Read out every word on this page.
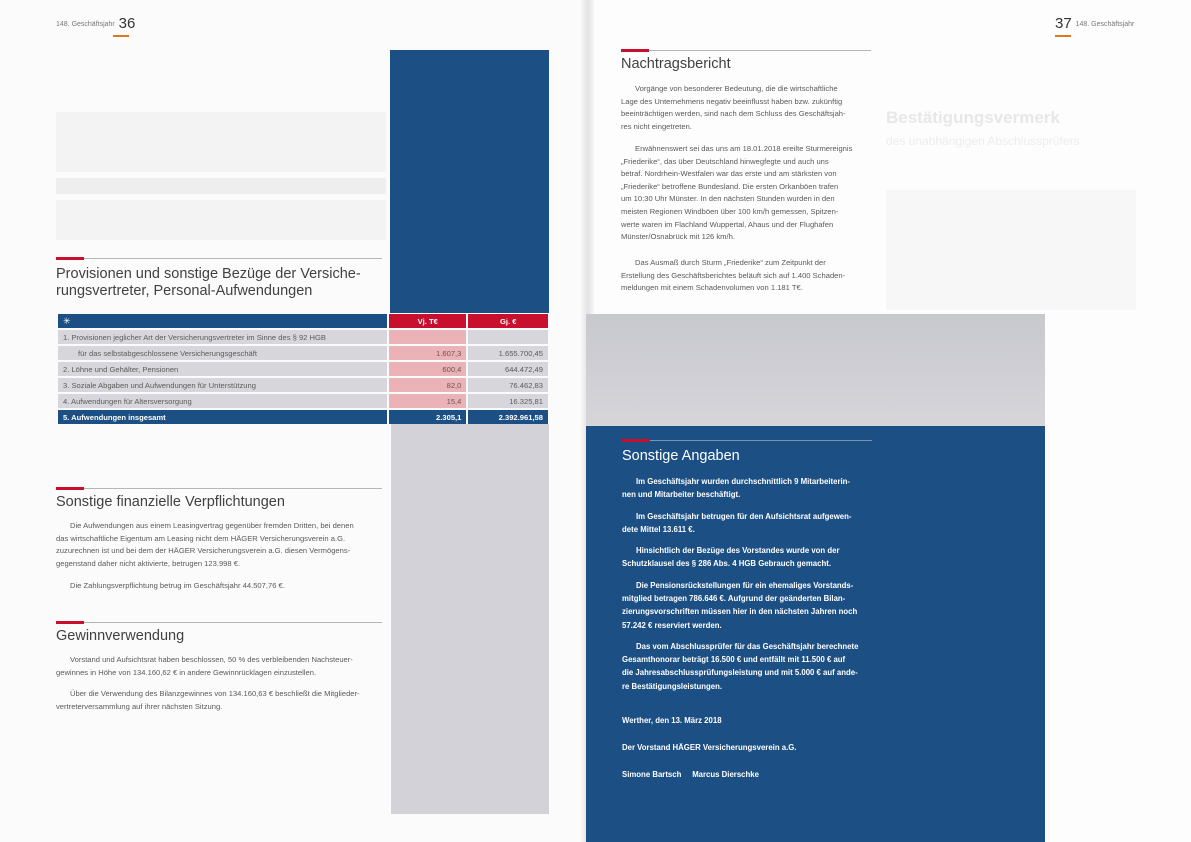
148. Geschäftsjahr 36
Provisionen und sonstige Bezüge der Versiche-
rungsvertreter, Personal-Aufwendungen
✳	Vj. T€	Gj. €
1. Provisionen jeglicher Art der Versicherungsvertreter im Sinne des § 92 HGB		
für das selbstabgeschlossene Versicherungsgeschäft	1.607,3	1.655.700,45
2. Löhne und Gehälter, Pensionen	600,4	644.472,49
3. Soziale Abgaben und Aufwendungen für Unterstützung	82,0	76.462,83
4. Aufwendungen für Altersversorgung	15,4	16.325,81
5. Aufwendungen insgesamt	2.305,1	2.392.961,58
Sonstige finanzielle Verpflichtungen
Die Aufwendungen aus einem Leasingvertrag gegenüber fremden Dritten, bei denen
das wirtschaftliche Eigentum am Leasing nicht dem HÄGER Versicherungsverein a.G.
zuzurechnen ist und bei dem der HÄGER Versicherungsverein a.G. diesen Vermögens-
gegenstand daher nicht aktivierte, betrugen 123.998 €.
Die Zahlungsverpflichtung betrug im Geschäftsjahr 44.507,76 €.
Gewinnverwendung
Vorstand und Aufsichtsrat haben beschlossen, 50 % des verbleibenden Nachsteuer-
gewinnes in Höhe von 134.160,62 € in andere Gewinnrücklagen einzustellen.
Über die Verwendung des Bilanzgewinnes von 134.160,63 € beschließt die Mitglieder-
vertreterversammlung auf ihrer nächsten Sitzung.
37 148. Geschäftsjahr
Bestätigungsvermerk
des unabhängigen Abschlussprüfers
Nachtragsbericht
Vorgänge von besonderer Bedeutung, die die wirtschaftliche
Lage des Unternehmens negativ beeinflusst haben bzw. zukünftig
beeinträchtigen werden, sind nach dem Schluss des Geschäftsjah-
res nicht eingetreten.
Erwähnenswert sei das uns am 18.01.2018 ereilte Sturmereignis
„Friederike“, das über Deutschland hinwegfegte und auch uns
betraf. Nordrhein-Westfalen war das erste und am stärksten von
„Friederike“ betroffene Bundesland. Die ersten Orkanböen trafen
um 10:30 Uhr Münster. In den nächsten Stunden wurden in den
meisten Regionen Windböen über 100 km/h gemessen, Spitzen-
werte waren im Flachland Wuppertal, Ahaus und der Flughafen
Münster/Osnabrück mit 126 km/h.
Das Ausmaß durch Sturm „Friederike“ zum Zeitpunkt der
Erstellung des Geschäftsberichtes beläuft sich auf 1.400 Schaden-
meldungen mit einem Schadenvolumen von 1.181 T€.
Sonstige Angaben
Im Geschäftsjahr wurden durchschnittlich 9 Mitarbeiterin-
nen und Mitarbeiter beschäftigt.
Im Geschäftsjahr betrugen für den Aufsichtsrat aufgewen-
dete Mittel 13.611 €.
Hinsichtlich der Bezüge des Vorstandes wurde von der
Schutzklausel des § 286 Abs. 4 HGB Gebrauch gemacht.
Die Pensionsrückstellungen für ein ehemaliges Vorstands-
mitglied betragen 786.646 €. Aufgrund der geänderten Bilan-
zierungsvorschriften müssen hier in den nächsten Jahren noch
57.242 € reserviert werden.
Das vom Abschlussprüfer für das Geschäftsjahr berechnete
Gesamthonorar beträgt 16.500 € und entfällt mit 11.500 € auf
die Jahresabschlussprüfungsleistung und mit 5.000 € auf ande-
re Bestätigungsleistungen.
Werther, den 13. März 2018
Der Vorstand HÄGER Versicherungsverein a.G.
Simone Bartsch     Marcus Dierschke
